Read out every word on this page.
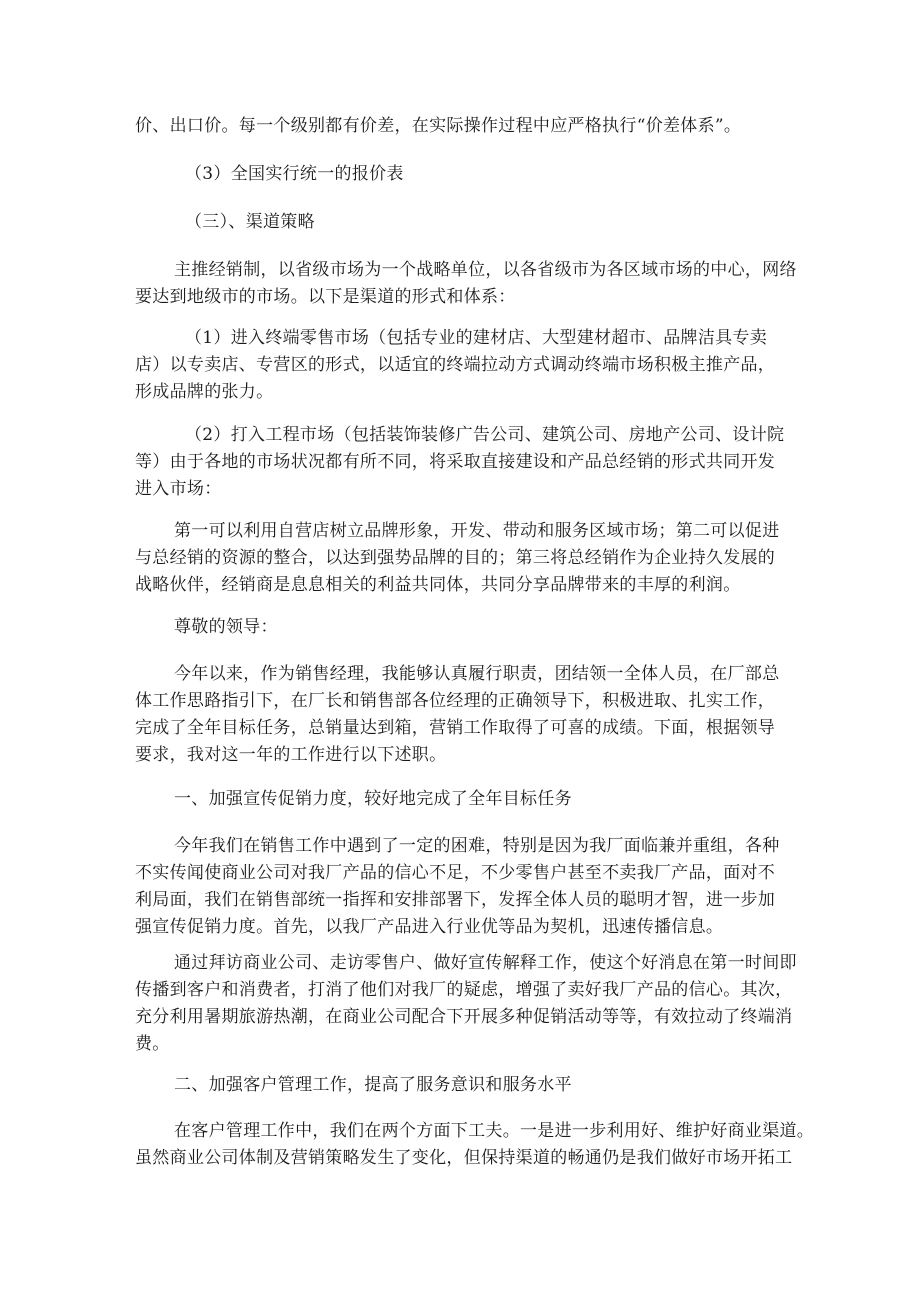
价、出口价。每一个级别都有价差，在实际操作过程中应严格执行“价差体系”。

（3）全国实行统一的报价表

（三）、渠道策略

主推经销制，以省级市场为一个战略单位，以各省级市为各区域市场的中心，网络
要达到地级市的市场。以下是渠道的形式和体系：

（1）进入终端零售市场（包括专业的建材店、大型建材超市、品牌洁具专卖
店）以专卖店、专营区的形式，以适宜的终端拉动方式调动终端市场积极主推产品，
形成品牌的张力。

（2）打入工程市场（包括装饰装修广告公司、建筑公司、房地产公司、设计院
等）由于各地的市场状况都有所不同，将采取直接建设和产品总经销的形式共同开发
进入市场：

第一可以利用自营店树立品牌形象，开发、带动和服务区域市场；第二可以促进
与总经销的资源的整合，以达到强势品牌的目的；第三将总经销作为企业持久发展的
战略伙伴，经销商是息息相关的利益共同体，共同分享品牌带来的丰厚的利润。

尊敬的领导：

今年以来，作为销售经理，我能够认真履行职责，团结领一全体人员，在厂部总
体工作思路指引下，在厂长和销售部各位经理的正确领导下，积极进取、扎实工作，
完成了全年目标任务，总销量达到箱，营销工作取得了可喜的成绩。下面，根据领导
要求，我对这一年的工作进行以下述职。

一、加强宣传促销力度，较好地完成了全年目标任务

今年我们在销售工作中遇到了一定的困难，特别是因为我厂面临兼并重组，各种
不实传闻使商业公司对我厂产品的信心不足，不少零售户甚至不卖我厂产品，面对不
利局面，我们在销售部统一指挥和安排部署下，发挥全体人员的聪明才智，进一步加
强宣传促销力度。首先，以我厂产品进入行业优等品为契机，迅速传播信息。

通过拜访商业公司、走访零售户、做好宣传解释工作，使这个好消息在第一时间即
传播到客户和消费者，打消了他们对我厂的疑虑，增强了卖好我厂产品的信心。其次，
充分利用暑期旅游热潮，在商业公司配合下开展多种促销活动等等，有效拉动了终端消
费。

二、加强客户管理工作，提高了服务意识和服务水平

在客户管理工作中，我们在两个方面下工夫。一是进一步利用好、维护好商业渠道。
虽然商业公司体制及营销策略发生了变化，但保持渠道的畅通仍是我们做好市场开拓工
